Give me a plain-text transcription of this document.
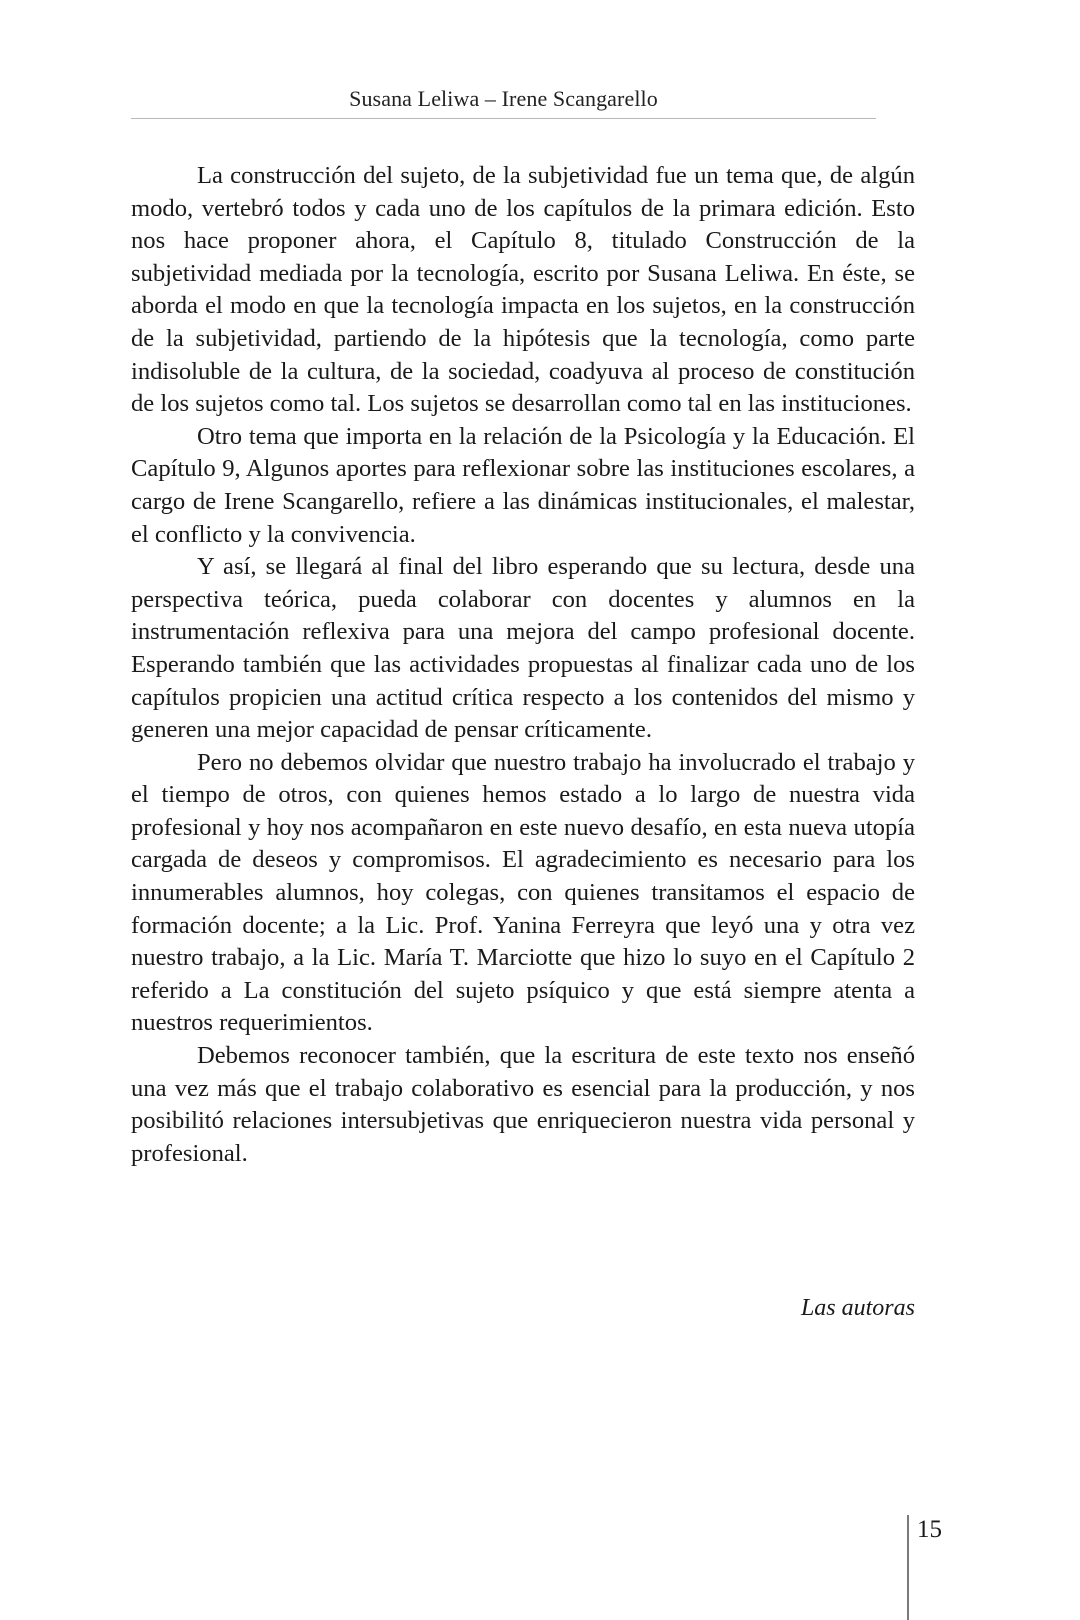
Susana Leliwa – Irene Scangarello

La construcción del sujeto, de la subjetividad fue un tema que, de algún modo, vertebró todos y cada uno de los capítulos de la primara edición. Esto nos hace proponer ahora, el Capítulo 8, titulado Construcción de la subjetividad mediada por la tecnología, escrito por Susana Leliwa. En éste, se aborda el modo en que la tecnología impacta en los sujetos, en la construcción de la subjetividad, partiendo de la hipótesis que la tecnología, como parte indisoluble de la cultura, de la sociedad, coadyuva al proceso de constitución de los sujetos como tal. Los sujetos se desarrollan como tal en las instituciones.

Otro tema que importa en la relación de la Psicología y la Educación. El Capítulo 9, Algunos aportes para reflexionar sobre las instituciones escolares, a cargo de Irene Scangarello, refiere a las dinámicas institucionales, el malestar, el conflicto y la convivencia.

Y así, se llegará al final del libro esperando que su lectura, desde una perspectiva teórica, pueda colaborar con docentes y alumnos en la instrumentación reflexiva para una mejora del campo profesional docente. Esperando también que las actividades propuestas al finalizar cada uno de los capítulos propicien una actitud crítica respecto a los contenidos del mismo y generen una mejor capacidad de pensar críticamente.

Pero no debemos olvidar que nuestro trabajo ha involucrado el trabajo y el tiempo de otros, con quienes hemos estado a lo largo de nuestra vida profesional y hoy nos acompañaron en este nuevo desafío, en esta nueva utopía cargada de deseos y compromisos. El agradecimiento es necesario para los innumerables alumnos, hoy colegas, con quienes transitamos el espacio de formación docente; a la Lic. Prof. Yanina Ferreyra que leyó una y otra vez nuestro trabajo, a la Lic. María T. Marciotte que hizo lo suyo en el Capítulo 2 referido a La constitución del sujeto psíquico y que está siempre atenta a nuestros requerimientos.

Debemos reconocer también, que la escritura de este texto nos enseñó una vez más que el trabajo colaborativo es esencial para la producción, y nos posibilitó relaciones intersubjetivas que enriquecieron nuestra vida personal y profesional.

Las autoras
15
